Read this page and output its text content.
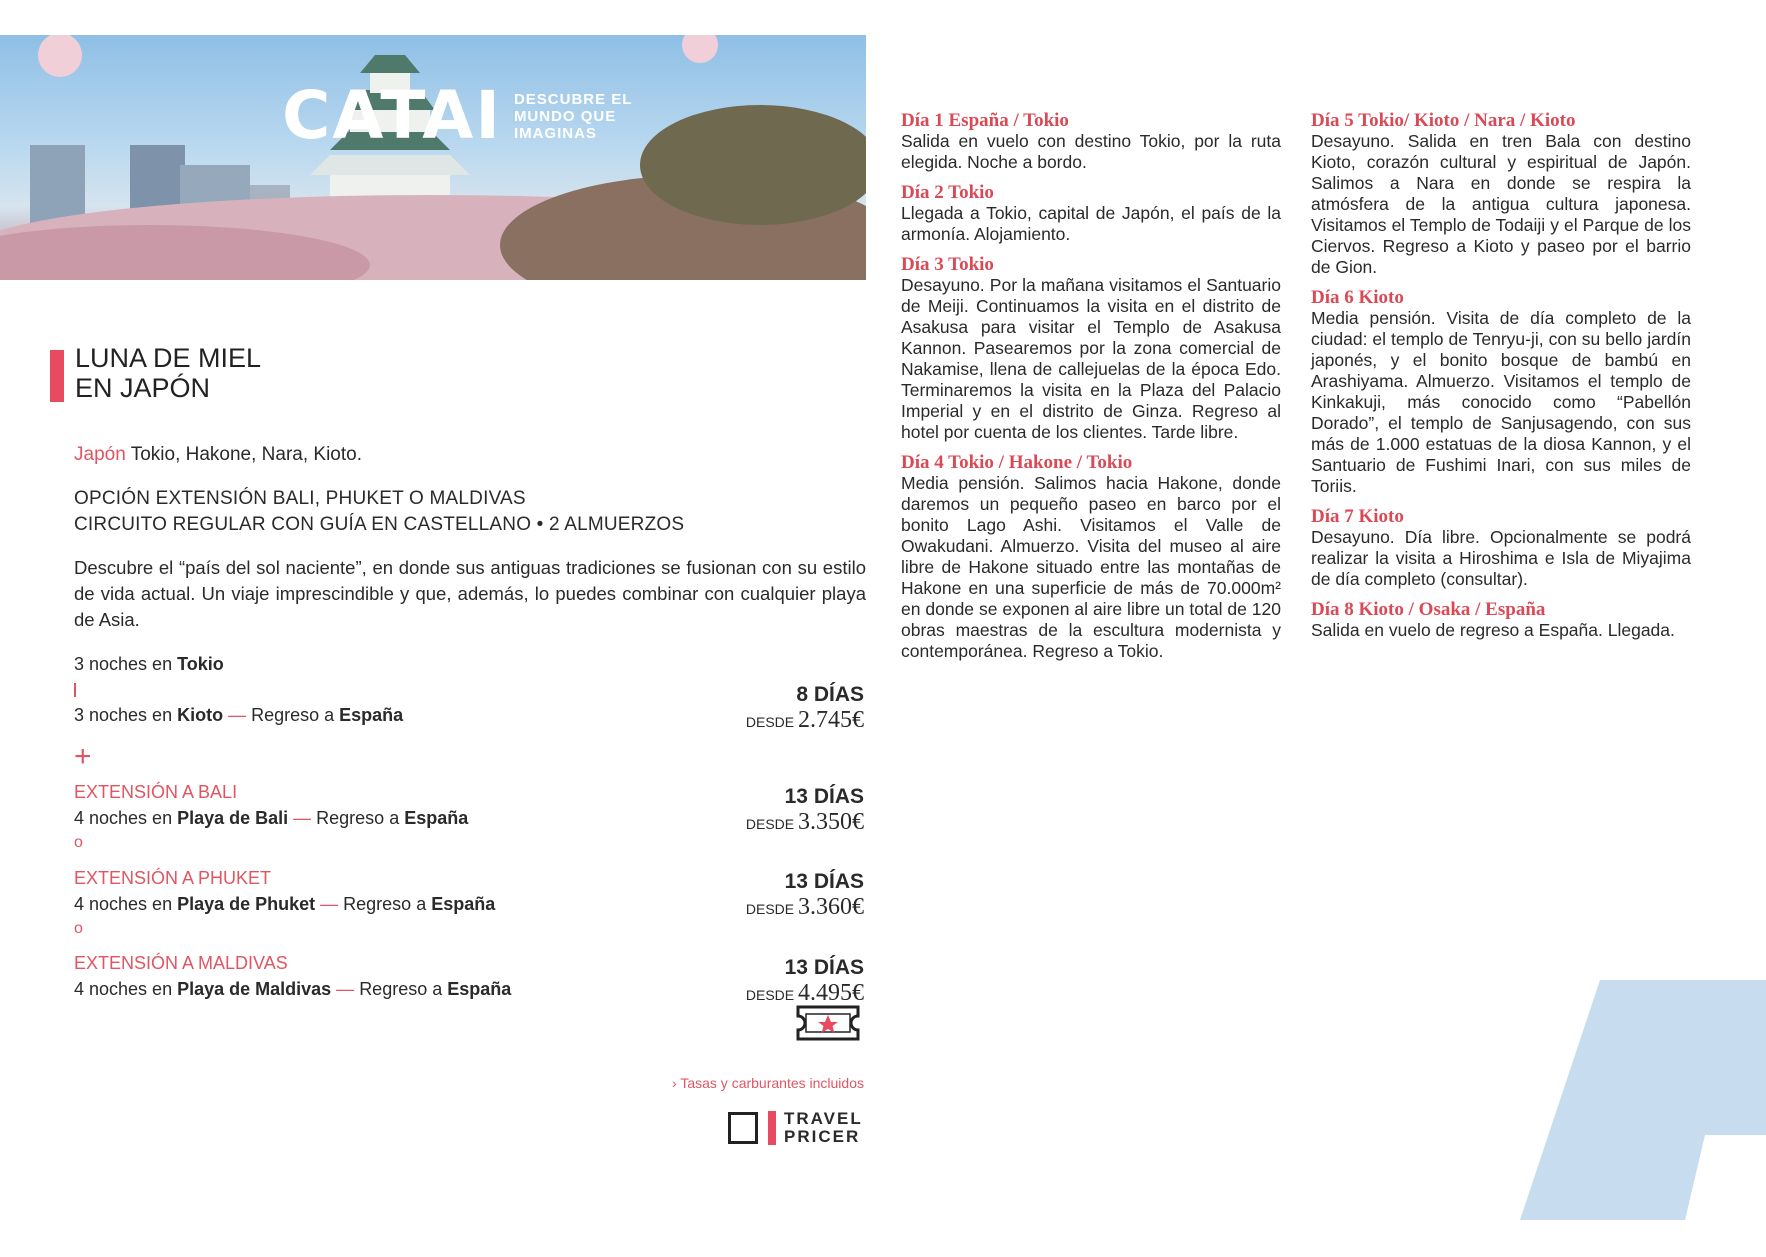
CATAI DESCUBRE EL
MUNDO QUE
IMAGINAS
LUNA DE MIEL
EN JAPÓN
Japón Tokio, Hakone, Nara, Kioto.
OPCIÓN EXTENSIÓN BALI, PHUKET O MALDIVAS
CIRCUITO REGULAR CON GUÍA EN CASTELLANO • 2 ALMUERZOS
Descubre el “país del sol naciente”, en donde sus antiguas tradiciones se fusionan con su estilo de vida actual. Un viaje imprescindible y que, además, lo puedes combinar con cualquier playa de Asia.
3 noches en Tokio
3 noches en Kioto — Regreso a España
+
EXTENSIÓN A BALI
4 noches en Playa de Bali — Regreso a España
o
EXTENSIÓN A PHUKET
4 noches en Playa de Phuket — Regreso a España
o
EXTENSIÓN A MALDIVAS
4 noches en Playa de Maldivas — Regreso a España
8 DÍAS
DESDE 2.745€
13 DÍAS
DESDE 3.350€
13 DÍAS
DESDE 3.360€
13 DÍAS
DESDE 4.495€
› Tasas y carburantes incluidos
TRAVEL
PRICER
Día 1 España / Tokio

Salida en vuelo con destino Tokio, por la ruta elegida. Noche a bordo.

Día 2 Tokio

Llegada a Tokio, capital de Japón, el país de la armonía. Alojamiento.

Día 3 Tokio

Desayuno. Por la mañana visitamos el Santuario de Meiji. Continuamos la visita en el distrito de Asakusa para visitar el Templo de Asakusa Kannon. Pasearemos por la zona comercial de Nakamise, llena de callejuelas de la época Edo. Terminaremos la visita en la Plaza del Palacio Imperial y en el distrito de Ginza. Regreso al hotel por cuenta de los clientes. Tarde libre.

Día 4 Tokio / Hakone / Tokio

Media pensión. Salimos hacia Hakone, donde daremos un pequeño paseo en barco por el bonito Lago Ashi. Visitamos el Valle de Owakudani. Almuerzo. Visita del museo al aire libre de Hakone situado entre las montañas de Hakone en una superficie de más de 70.000m² en donde se exponen al aire libre un total de 120 obras maestras de la escultura modernista y contemporánea. Regreso a Tokio.

Día 5 Tokio/ Kioto / Nara / Kioto

Desayuno. Salida en tren Bala con destino Kioto, corazón cultural y espiritual de Japón. Salimos a Nara en donde se respira la atmósfera de la antigua cultura japonesa. Visitamos el Templo de Todaiji y el Parque de los Ciervos. Regreso a Kioto y paseo por el barrio de Gion.

Día 6 Kioto

Media pensión. Visita de día completo de la ciudad: el templo de Tenryu-ji, con su bello jardín japonés, y el bonito bosque de bambú en Arashiyama. Almuerzo. Visitamos el templo de Kinkakuji, más conocido como “Pabellón Dorado”, el templo de Sanjusagendo, con sus más de 1.000 estatuas de la diosa Kannon, y el Santuario de Fushimi Inari, con sus miles de Toriis.

Día 7 Kioto

Desayuno. Día libre. Opcionalmente se podrá realizar la visita a Hiroshima e Isla de Miyajima de día completo (consultar).

Día 8 Kioto / Osaka / España

Salida en vuelo de regreso a España. Llegada.
